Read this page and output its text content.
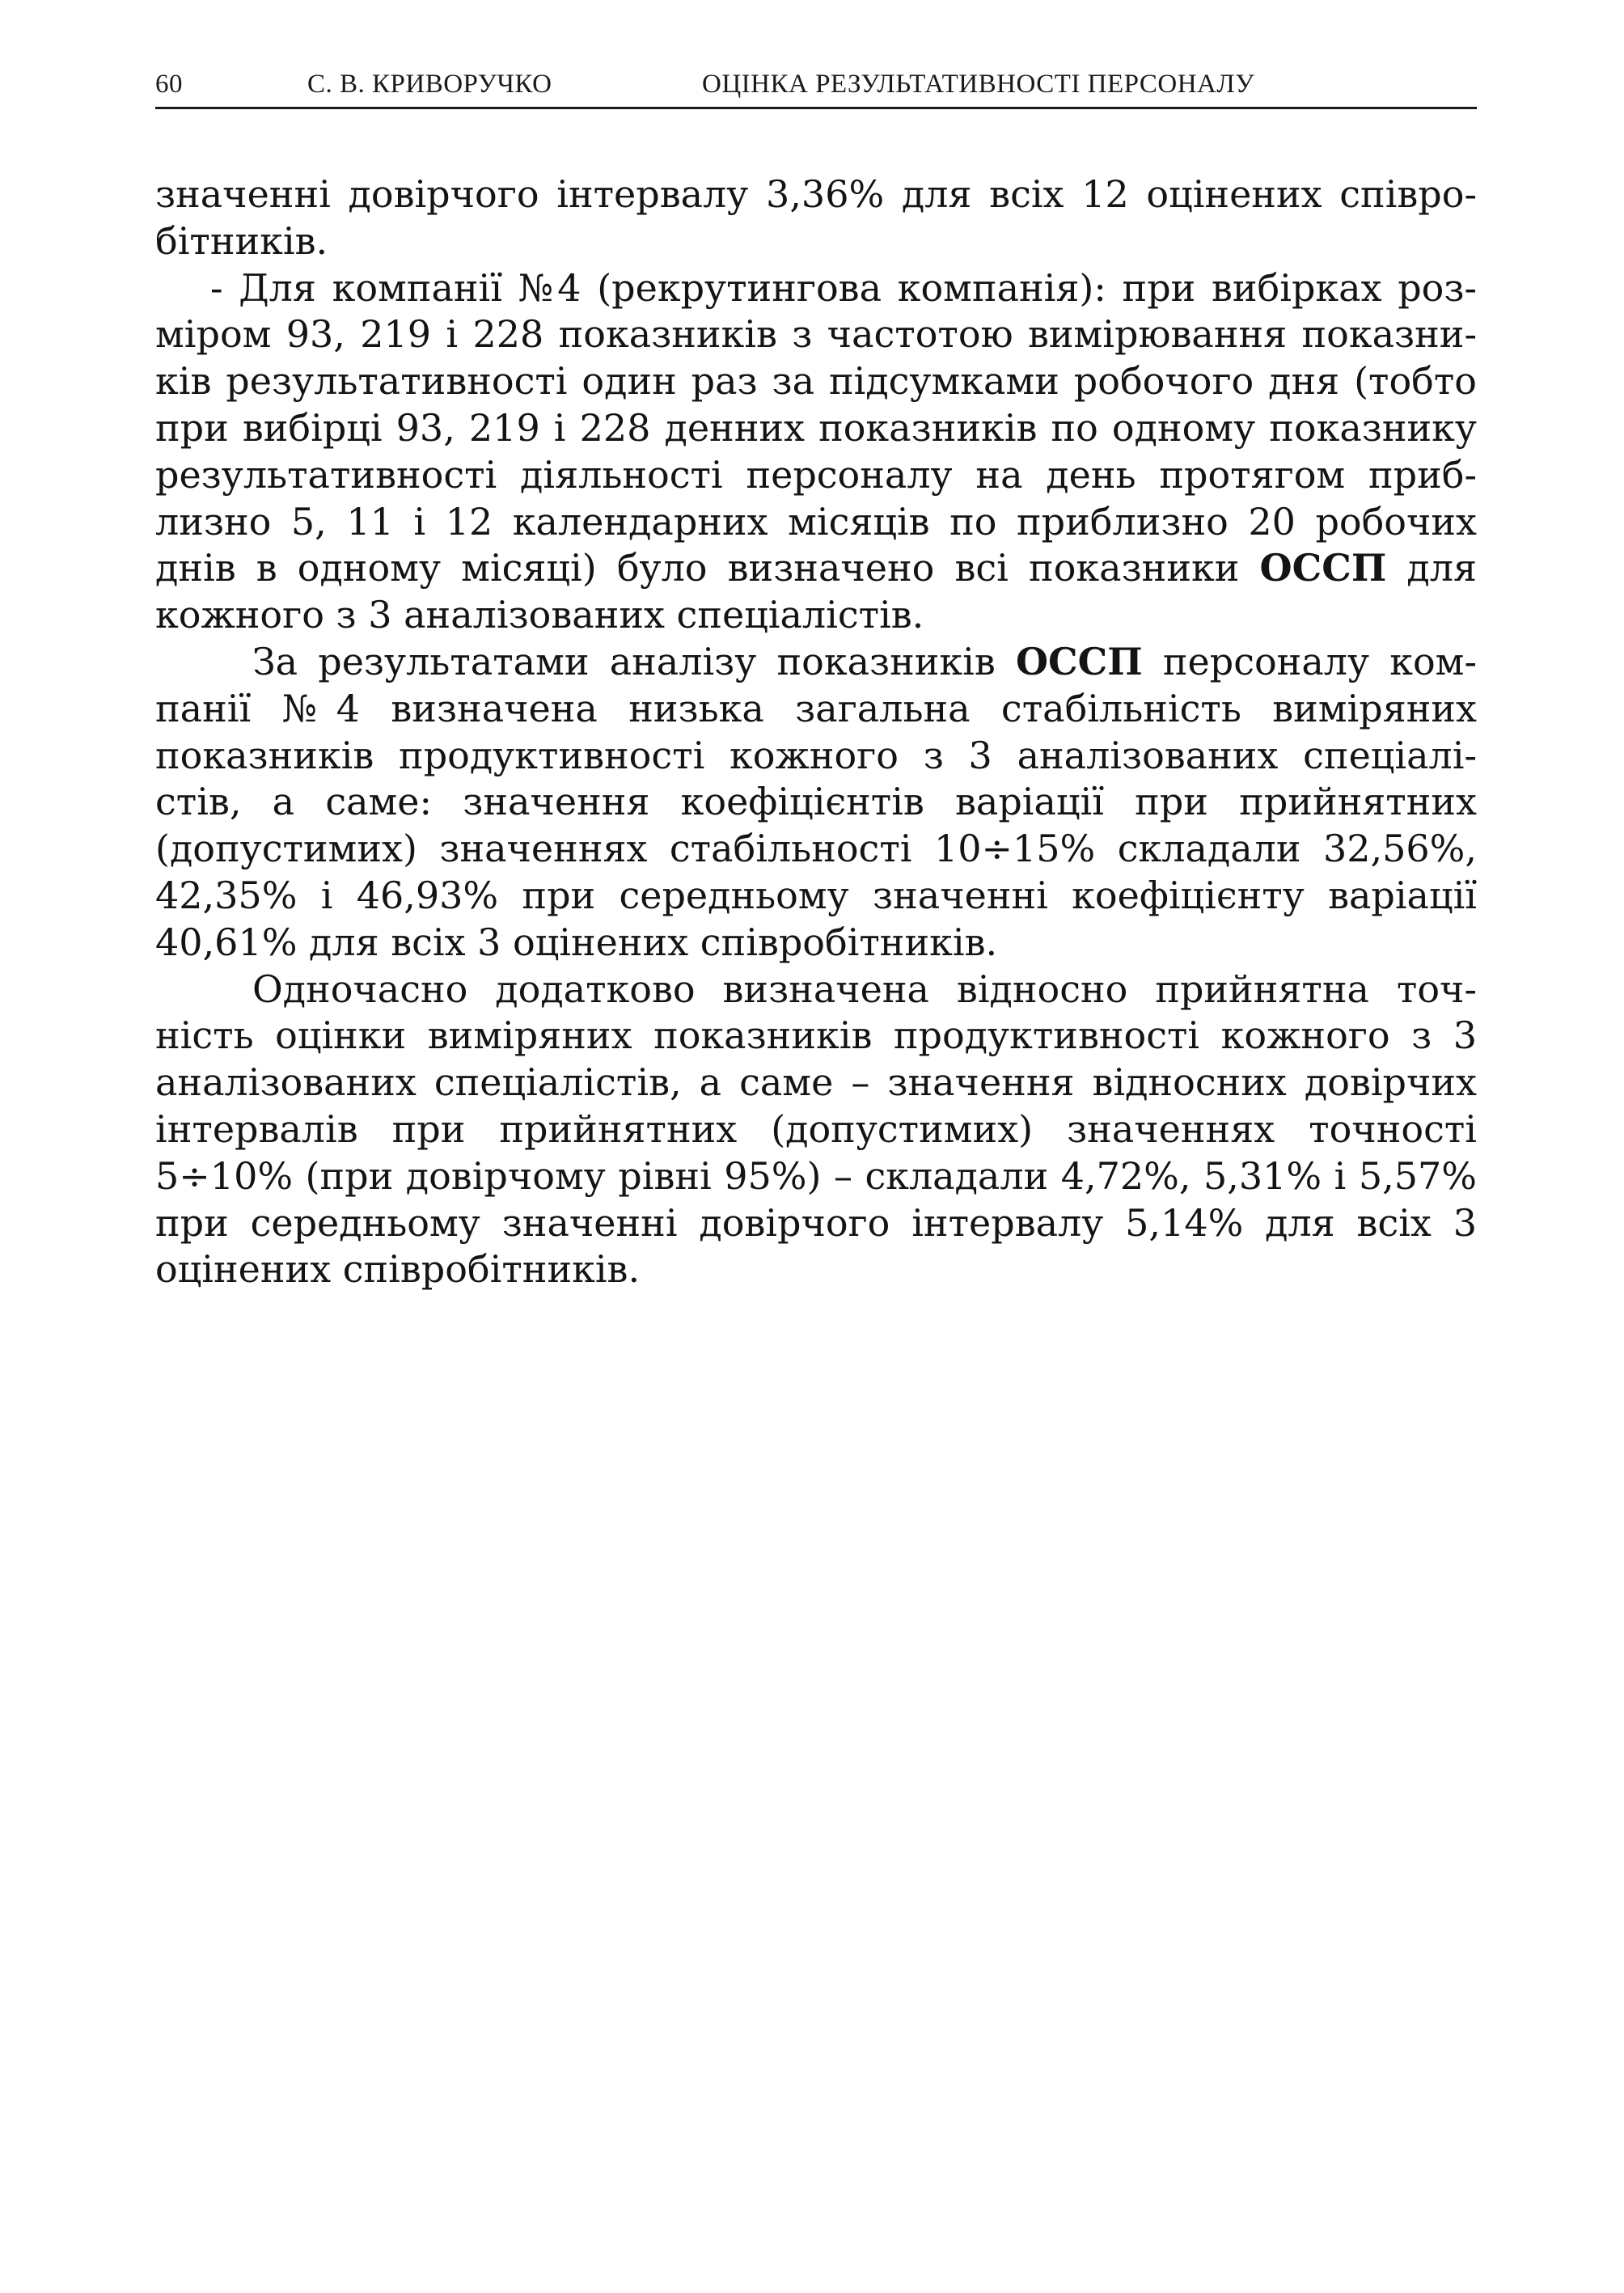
60	С. В. КРИВОРУЧКО	ОЦІНКА РЕЗУЛЬТАТИВНОСТІ ПЕРСОНАЛУ
значенні довірчого інтервалу 3,36% для всіх 12 оцінених співро-
бітників.
- Для компанії №4 (рекрутингова компанія): при вибірках роз-
міром 93, 219 і 228 показників з частотою вимірювання показни-
ків результативності один раз за підсумками робочого дня (тобто
при вибірці 93, 219 і 228 денних показників по одному показнику
результативності діяльності персоналу на день протягом приб-
лизно 5, 11 і 12 календарних місяців по приблизно 20 робочих
днів в одному місяці) було визначено всі показники ОССП для
кожного з 3 аналізованих спеціалістів.
За результатами аналізу показників ОССП персоналу ком-
панії №4 визначена низька загальна стабільність виміряних
показників продуктивності кожного з 3 аналізованих спеціалі-
стів, а саме: значення коефіцієнтів варіації при прийнятних
(допустимих) значеннях стабільності 10÷15% складали 32,56%,
42,35% і 46,93% при середньому значенні коефіцієнту варіації
40,61% для всіх 3 оцінених співробітників.
Одночасно додатково визначена відносно прийнятна точ-
ність оцінки виміряних показників продуктивності кожного з 3
аналізованих спеціалістів, а саме – значення відносних довірчих
інтервалів при прийнятних (допустимих) значеннях точності
5÷10% (при довірчому рівні 95%) – складали 4,72%, 5,31% і 5,57%
при середньому значенні довірчого інтервалу 5,14% для всіх 3
оцінених співробітників.
